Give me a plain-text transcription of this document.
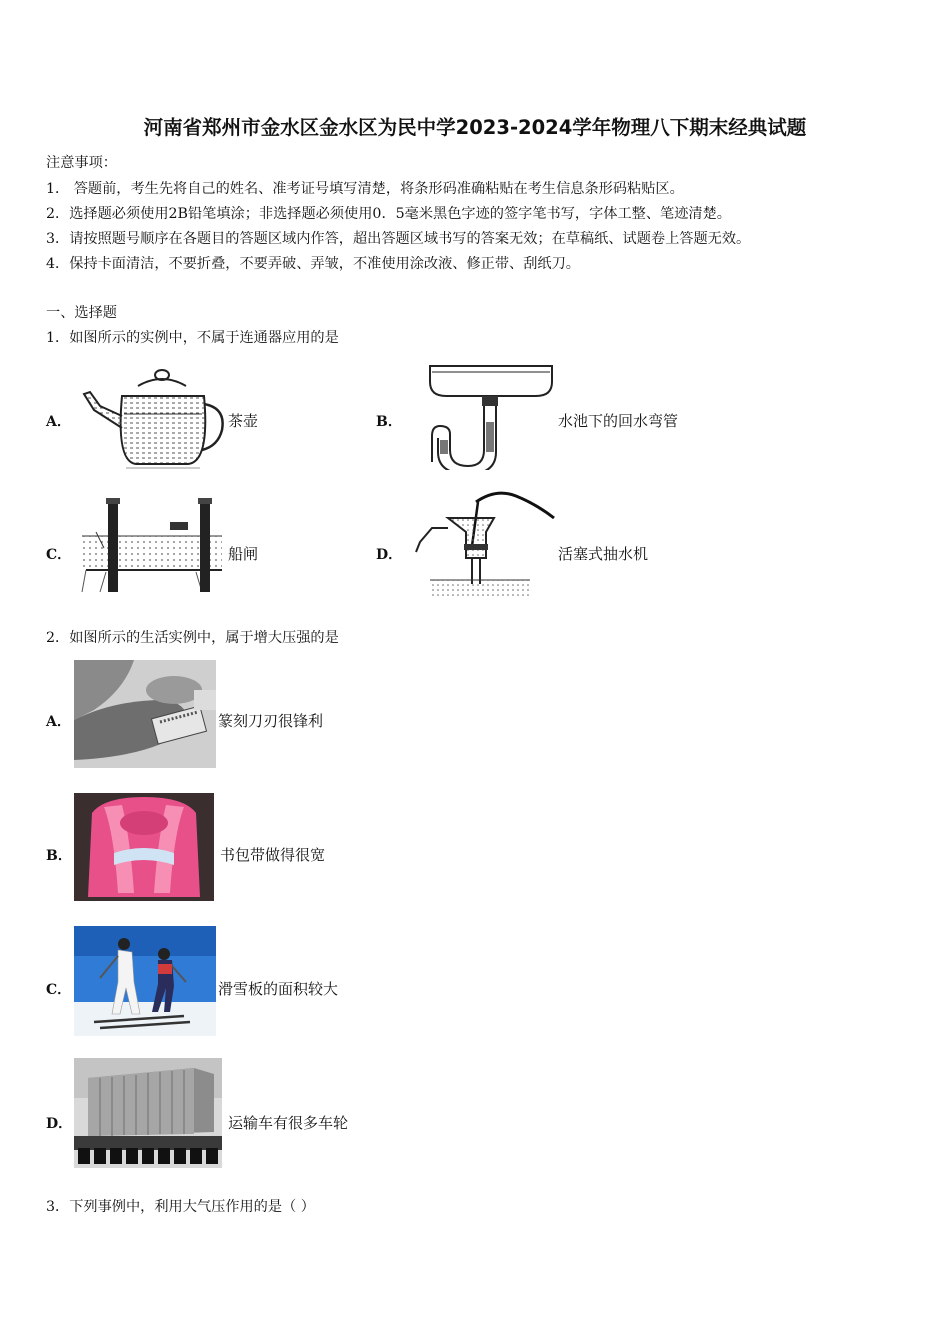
河南省郑州市金水区金水区为民中学2023-2024学年物理八下期末经典试题
注意事项：
1． 答题前，考生先将自己的姓名、准考证号填写清楚，将条形码准确粘贴在考生信息条形码粘贴区。
2．选择题必须使用2B铅笔填涂；非选择题必须使用0．5毫米黑色字迹的签字笔书写，字体工整、笔迹清楚。
3．请按照题号顺序在各题目的答题区域内作答，超出答题区域书写的答案无效；在草稿纸、试题卷上答题无效。
4．保持卡面清洁，不要折叠，不要弄破、弄皱，不准使用涂改液、修正带、刮纸刀。
一、选择题
1．如图所示的实例中，不属于连通器应用的是
A．	茶壶	B．	水池下的回水弯管
C．	船闸	D．	活塞式抽水机
2．如图所示的生活实例中，属于增大压强的是
A．	篆刻刀刃很锋利
B．	书包带做得很宽
C．	滑雪板的面积较大
D．	运输车有很多车轮
3．下列事例中，利用大气压作用的是（ ）
